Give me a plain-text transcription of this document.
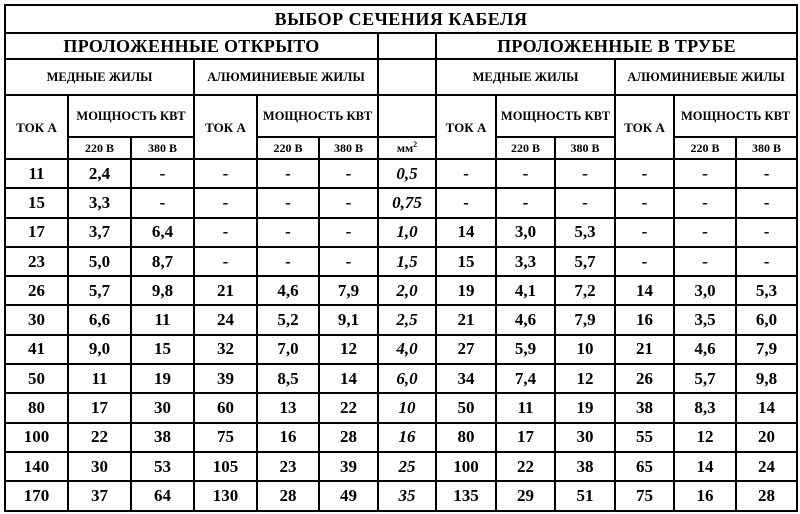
ВЫБОР СЕЧЕНИЯ КАБЕЛЯ												
ПРОЛОЖЕННЫЕ ОТКРЫТО							ПРОЛОЖЕННЫЕ В ТРУБЕ					
МЕДНЫЕ ЖИЛЫ			АЛЮМИНИЕВЫЕ ЖИЛЫ				МЕДНЫЕ ЖИЛЫ			АЛЮМИНИЕВЫЕ ЖИЛЫ		
ТОК А	МОЩНОСТЬ КВТ		ТОК А	МОЩНОСТЬ КВТ			ТОК А	МОЩНОСТЬ КВТ		ТОК А	МОЩНОСТЬ КВТ	
	220 В	380 В		220 В	380 В	$мм^2$		220 В	380 В		220 В	380 В
11	2,4	-	-	-	-	0,5	-	-	-	-	-	-
15	3,3	-	-	-	-	0,75	-	-	-	-	-	-
17	3,7	6,4	-	-	-	1,0	14	3,0	5,3	-	-	-
23	5,0	8,7	-	-	-	1,5	15	3,3	5,7	-	-	-
26	5,7	9,8	21	4,6	7,9	2,0	19	4,1	7,2	14	3,0	5,3
30	6,6	11	24	5,2	9,1	2,5	21	4,6	7,9	16	3,5	6,0
41	9,0	15	32	7,0	12	4,0	27	5,9	10	21	4,6	7,9
50	11	19	39	8,5	14	6,0	34	7,4	12	26	5,7	9,8
80	17	30	60	13	22	10	50	11	19	38	8,3	14
100	22	38	75	16	28	16	80	17	30	55	12	20
140	30	53	105	23	39	25	100	22	38	65	14	24
170	37	64	130	28	49	35	135	29	51	75	16	28
